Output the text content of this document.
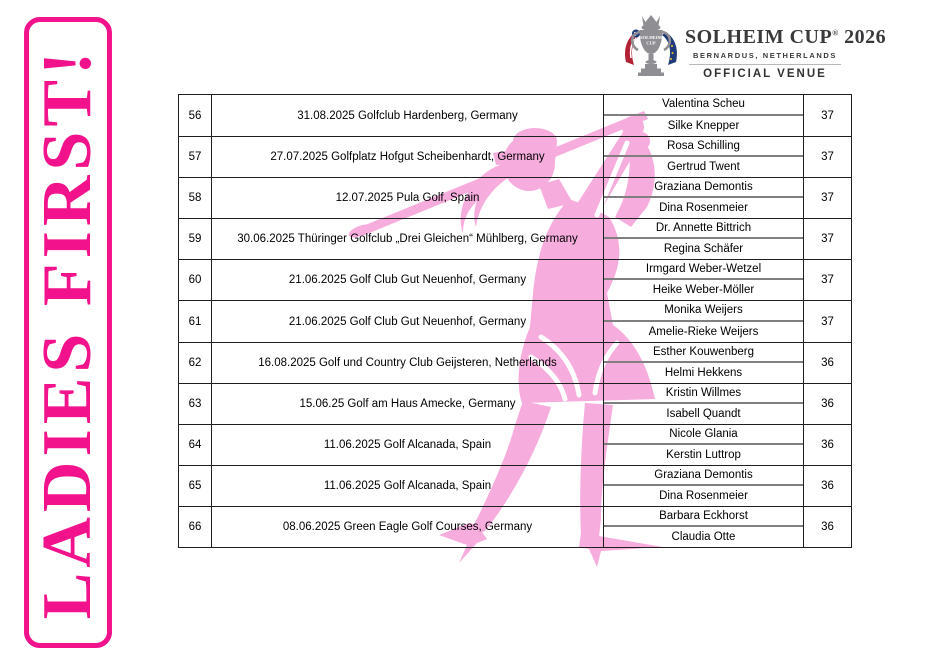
LADIES FIRST!
SOLHEIM
CUP SOLHEIM CUP® 2026
BERNARDUS, NETHERLANDS
OFFICIAL VENUE
56	31.08.2025 Golfclub Hardenberg, Germany
Valentina Scheu
Silke Knepper
37
57	27.07.2025 Golfplatz Hofgut Scheibenhardt, Germany
Rosa Schilling
Gertrud Twent
37
58	12.07.2025 Pula Golf, Spain
Graziana Demontis
Dina Rosenmeier
37
59	30.06.2025 Thüringer Golfclub „Drei Gleichen“ Mühlberg, Germany
Dr. Annette Bittrich
Regina Schäfer
37
60	21.06.2025 Golf Club Gut Neuenhof, Germany
Irmgard Weber-Wetzel
Heike Weber-Möller
37
61	21.06.2025 Golf Club Gut Neuenhof, Germany
Monika Weijers
Amelie-Rieke Weijers
37
62	16.08.2025 Golf und Country Club Geijsteren, Netherlands
Esther Kouwenberg
Helmi Hekkens
36
63	15.06.25 Golf am Haus Amecke, Germany
Kristin Willmes
Isabell Quandt
36
64	11.06.2025 Golf Alcanada, Spain
Nicole Glania
Kerstin Luttrop
36
65	11.06.2025 Golf Alcanada, Spain
Graziana Demontis
Dina Rosenmeier
36
66	08.06.2025 Green Eagle Golf Courses, Germany
Barbara Eckhorst
Claudia Otte
36
